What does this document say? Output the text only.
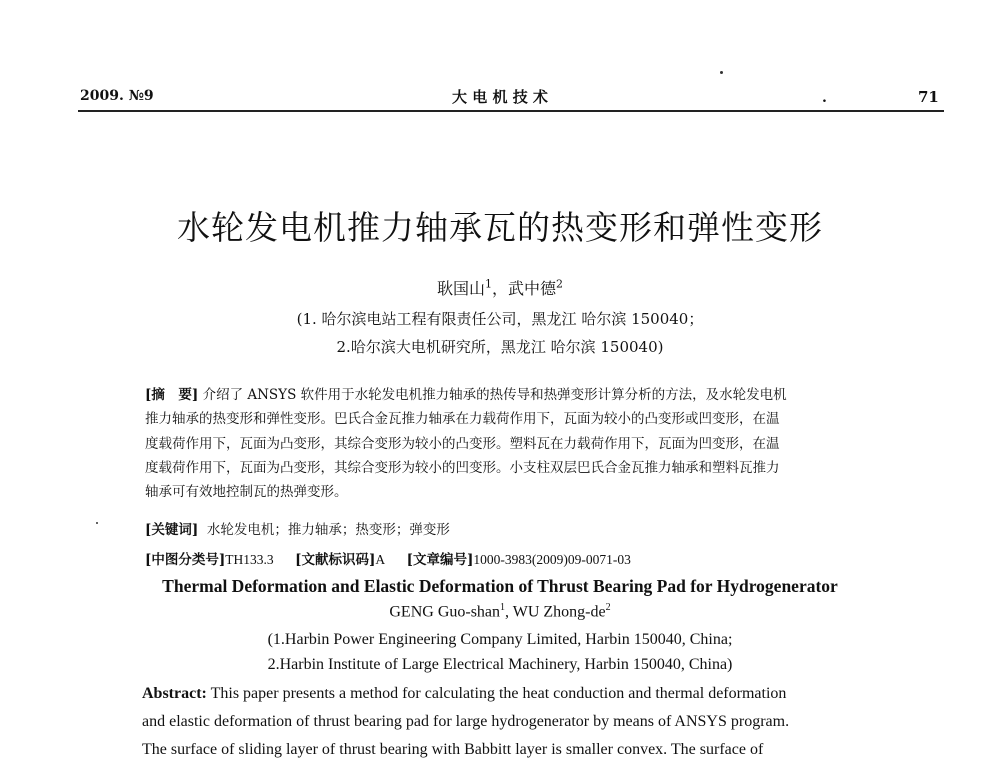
2009. №9	大 电 机 技 术	.	71
水轮发电机推力轴承瓦的热变形和弹性变形
耿国山$^1$，武中德$^2$
(1. 哈尔滨电站工程有限责任公司，黑龙江 哈尔滨 150040；
2.哈尔滨大电机研究所，黑龙江 哈尔滨 150040)
[摘　要] 介绍了 ANSYS 软件用于水轮发电机推力轴承的热传导和热弹变形计算分析的方法，及水轮发电机
推力轴承的热变形和弹性变形。巴氏合金瓦推力轴承在力载荷作用下，瓦面为较小的凸变形或凹变形，在温
度载荷作用下，瓦面为凸变形，其综合变形为较小的凸变形。塑料瓦在力载荷作用下，瓦面为凹变形，在温
度载荷作用下，瓦面为凸变形，其综合变形为较小的凹变形。小支柱双层巴氏合金瓦推力轴承和塑料瓦推力
轴承可有效地控制瓦的热弹变形。
[关键词] 水轮发电机；推力轴承；热变形；弹变形
[中图分类号]TH133.3 [文献标识码]A [文章编号]1000-3983(2009)09-0071-03
Thermal Deformation and Elastic Deformation of Thrust Bearing Pad for Hydrogenerator
GENG Guo-shan$^1$, WU Zhong-$de^2$
(1.Harbin Power Engineering Company Limited, Harbin 150040, China;
2.Harbin Institute of Large Electrical Machinery, Harbin 150040, China)
Abstract: This paper presents a method for calculating the heat conduction and thermal deformation
and elastic deformation of thrust bearing pad for large hydrogenerator by means of ANSYS program.
The surface of sliding layer of thrust bearing with Babbitt layer is smaller convex. The surface of
